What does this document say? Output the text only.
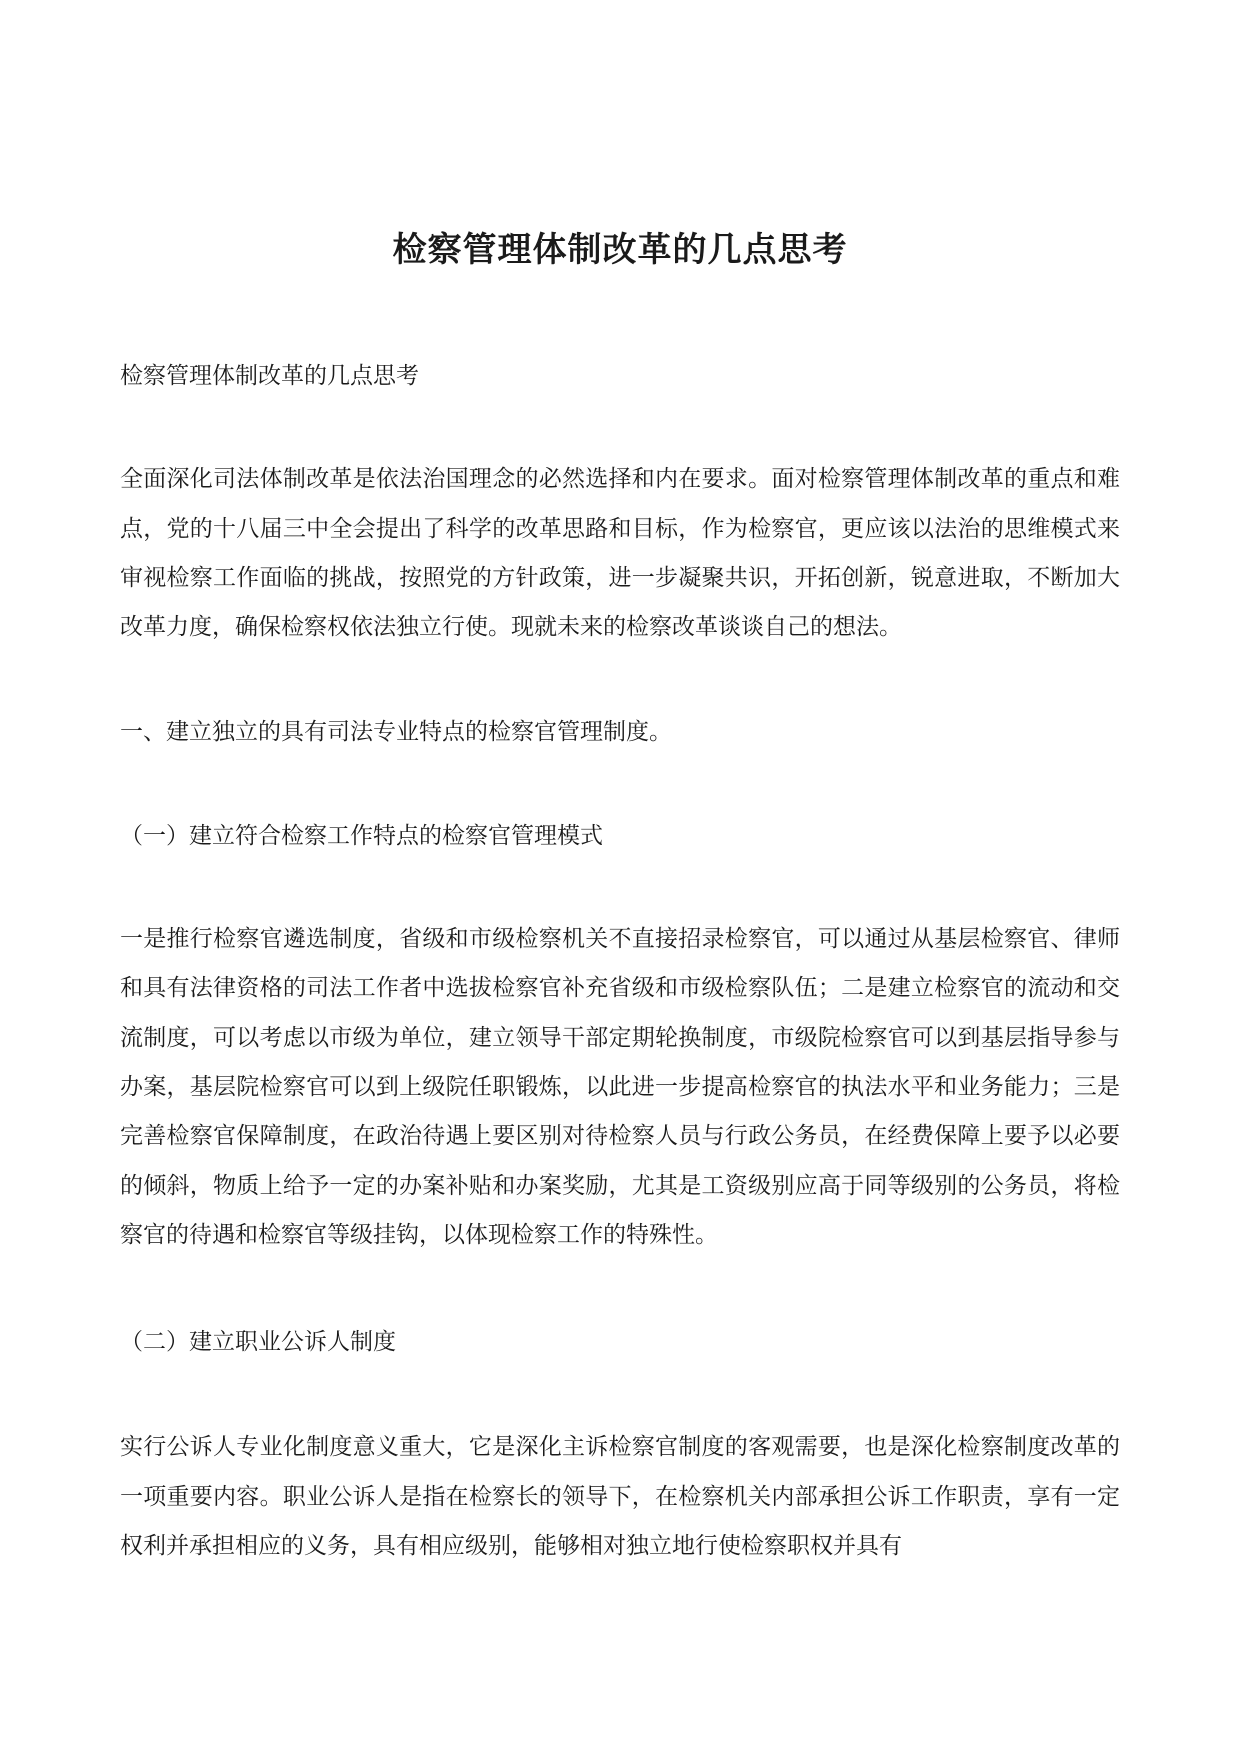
检察管理体制改革的几点思考

检察管理体制改革的几点思考

全面深化司法体制改革是依法治国理念的必然选择和内在要求。面对检察管理体制改革的重点和难点，党的十八届三中全会提出了科学的改革思路和目标，作为检察官，更应该以法治的思维模式来审视检察工作面临的挑战，按照党的方针政策，进一步凝聚共识，开拓创新，锐意进取，不断加大改革力度，确保检察权依法独立行使。现就未来的检察改革谈谈自己的想法。

一、建立独立的具有司法专业特点的检察官管理制度。

（一）建立符合检察工作特点的检察官管理模式

一是推行检察官遴选制度，省级和市级检察机关不直接招录检察官，可以通过从基层检察官、律师和具有法律资格的司法工作者中选拔检察官补充省级和市级检察队伍；二是建立检察官的流动和交流制度，可以考虑以市级为单位，建立领导干部定期轮换制度，市级院检察官可以到基层指导参与办案，基层院检察官可以到上级院任职锻炼，以此进一步提高检察官的执法水平和业务能力；三是完善检察官保障制度，在政治待遇上要区别对待检察人员与行政公务员，在经费保障上要予以必要的倾斜，物质上给予一定的办案补贴和办案奖励，尤其是工资级别应高于同等级别的公务员，将检察官的待遇和检察官等级挂钩，以体现检察工作的特殊性。

（二）建立职业公诉人制度

实行公诉人专业化制度意义重大，它是深化主诉检察官制度的客观需要，也是深化检察制度改革的一项重要内容。职业公诉人是指在检察长的领导下，在检察机关内部承担公诉工作职责，享有一定权利并承担相应的义务，具有相应级别，能够相对独立地行使检察职权并具有
